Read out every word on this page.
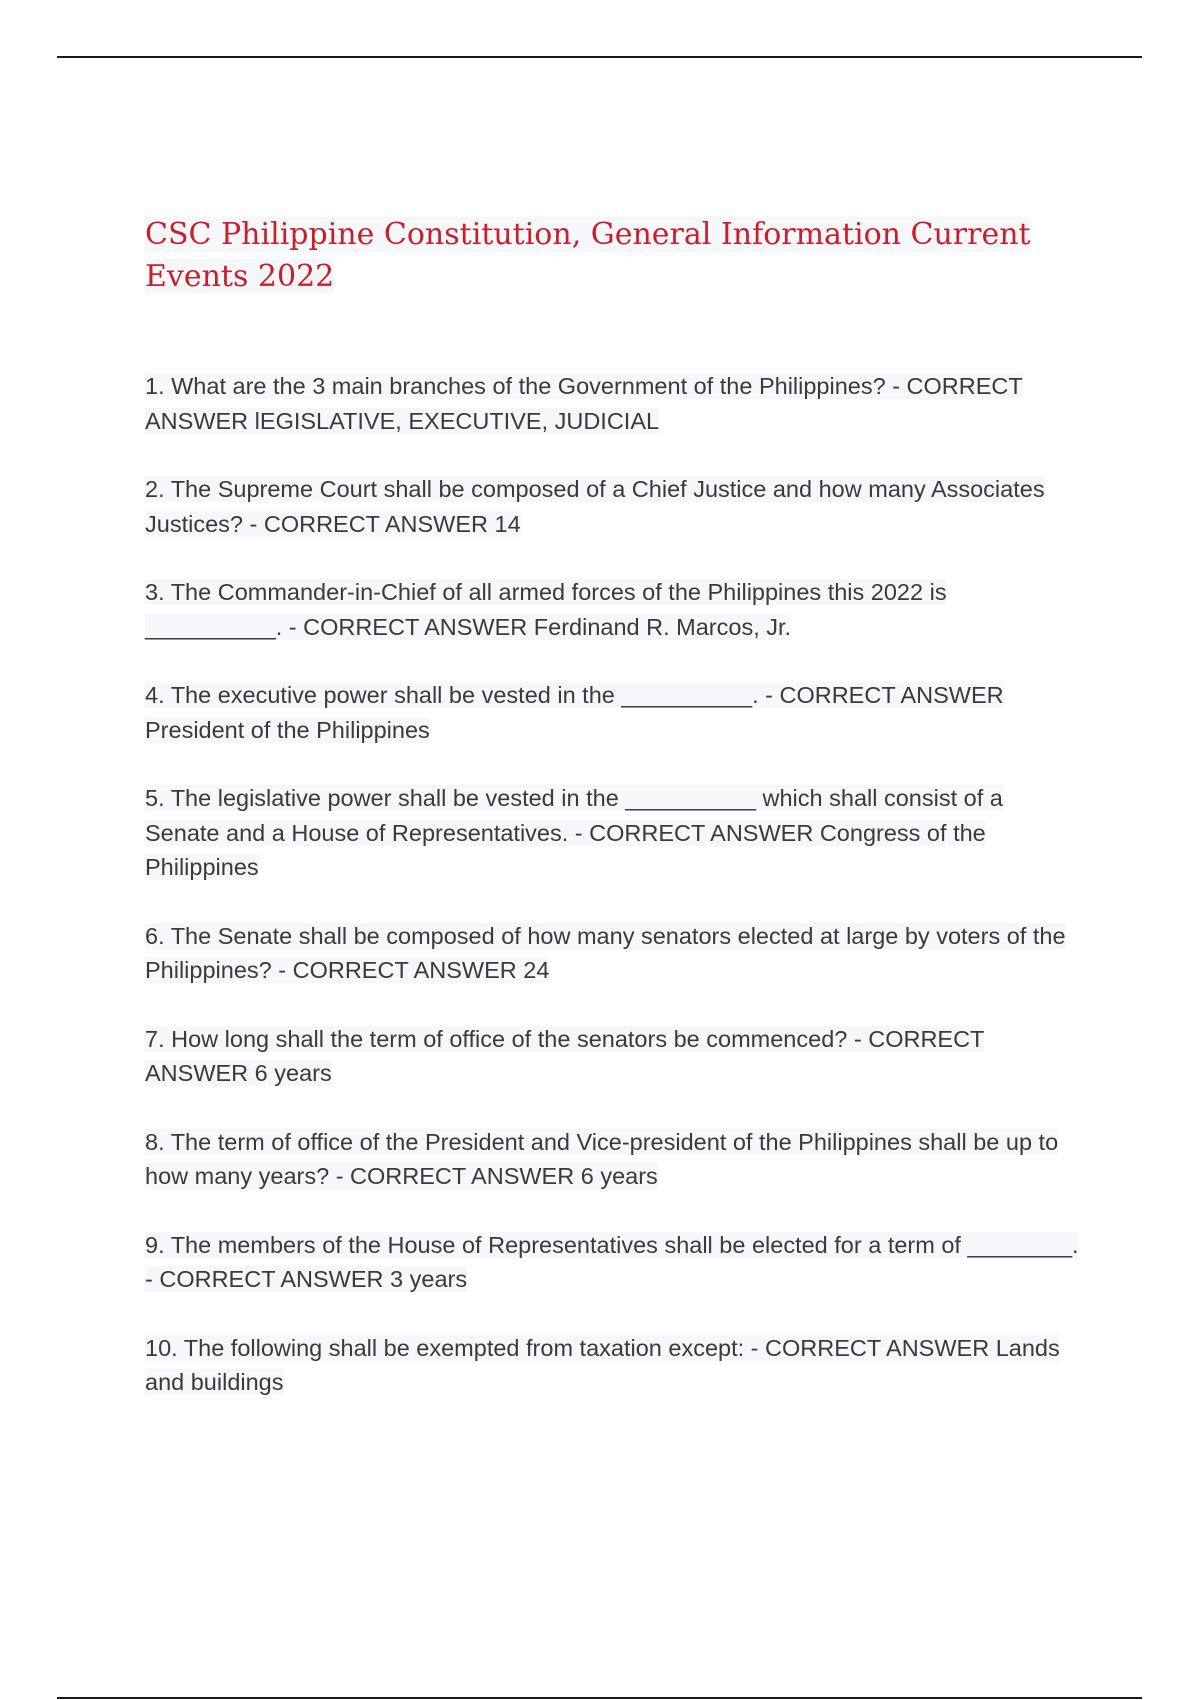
CSC Philippine Constitution, General Information Current Events 2022
1. What are the 3 main branches of the Government of the Philippines? - CORRECT ANSWER lEGISLATIVE, EXECUTIVE, JUDICIAL
2. The Supreme Court shall be composed of a Chief Justice and how many Associates Justices? - CORRECT ANSWER 14
3. The Commander-in-Chief of all armed forces of the Philippines this 2022 is __________. - CORRECT ANSWER Ferdinand R. Marcos, Jr.
4. The executive power shall be vested in the __________. - CORRECT ANSWER President of the Philippines
5. The legislative power shall be vested in the __________ which shall consist of a Senate and a House of Representatives. - CORRECT ANSWER Congress of the Philippines
6. The Senate shall be composed of how many senators elected at large by voters of the Philippines? - CORRECT ANSWER 24
7. How long shall the term of office of the senators be commenced? - CORRECT ANSWER 6 years
8. The term of office of the President and Vice-president of the Philippines shall be up to how many years? - CORRECT ANSWER 6 years
9. The members of the House of Representatives shall be elected for a term of ________. - CORRECT ANSWER 3 years
10. The following shall be exempted from taxation except: - CORRECT ANSWER Lands and buildings
